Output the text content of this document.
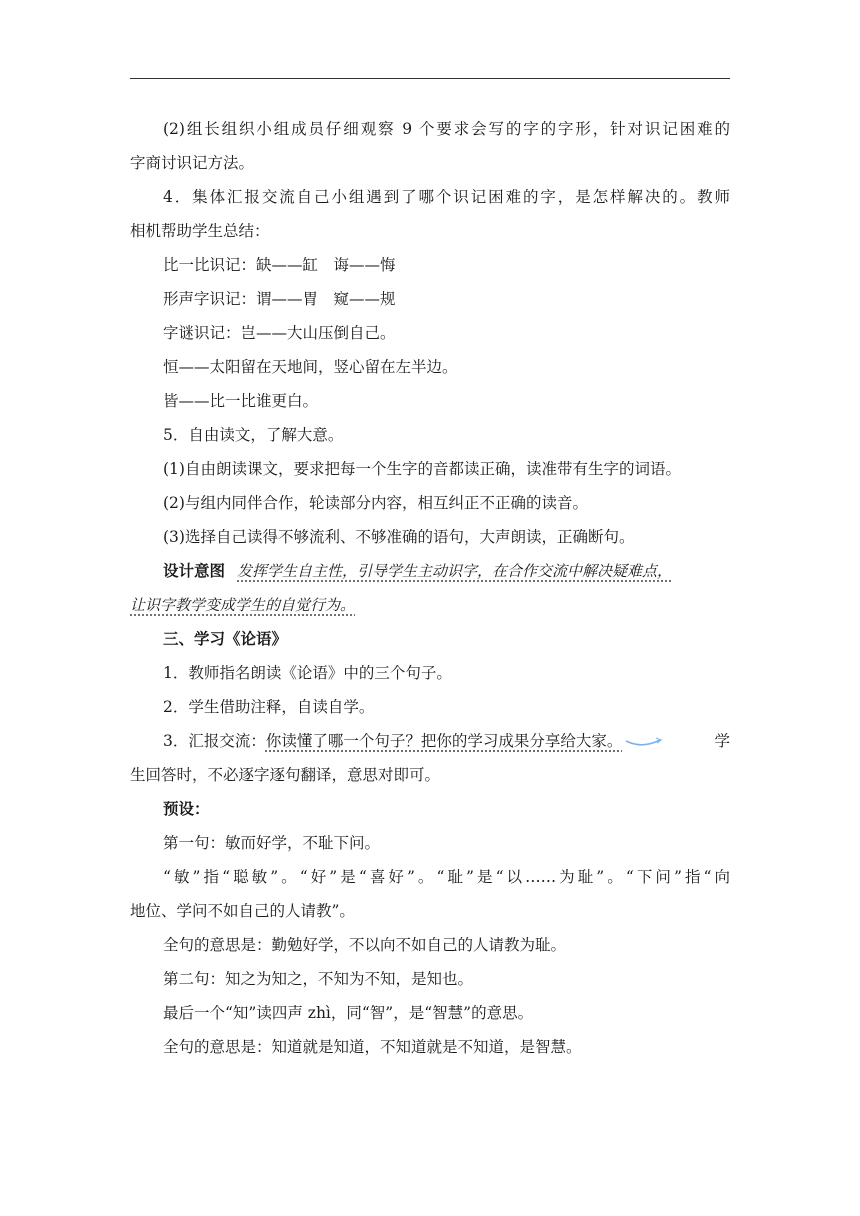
(2)组长组织小组成员仔细观察 9 个要求会写的字的字形，针对识记困难的
字商讨识记方法。
4．集体汇报交流自己小组遇到了哪个识记困难的字，是怎样解决的。教师
相机帮助学生总结：
比一比识记：缺——缸　诲——悔
形声字识记：谓——胃　窥——规
字谜识记：岂——大山压倒自己。
恒——太阳留在天地间，竖心留在左半边。
皆——比一比谁更白。
5．自由读文，了解大意。
(1)自由朗读课文，要求把每一个生字的音都读正确，读准带有生字的词语。
(2)与组内同伴合作，轮读部分内容，相互纠正不正确的读音。
(3)选择自己读得不够流利、不够准确的语句，大声朗读，正确断句。
设计意图 发挥学生自主性，引导学生主动识字，在合作交流中解决疑难点，
让识字教学变成学生的自觉行为。
三、学习《论语》
1．教师指名朗读《论语》中的三个句子。
2．学生借助注释，自读自学。
3．汇报交流：你读懂了哪一个句子？把你的学习成果分享给大家。	学
生回答时，不必逐字逐句翻译，意思对即可。
预设：
第一句：敏而好学，不耻下问。
“敏”指“聪敏”。“好”是“喜好”。“耻”是“以……为耻”。“下问”指“向
地位、学问不如自己的人请教”。
全句的意思是：勤勉好学，不以向不如自己的人请教为耻。
第二句：知之为知之，不知为不知，是知也。
最后一个“知”读四声 zhì，同“智”，是“智慧”的意思。
全句的意思是：知道就是知道，不知道就是不知道，是智慧。
